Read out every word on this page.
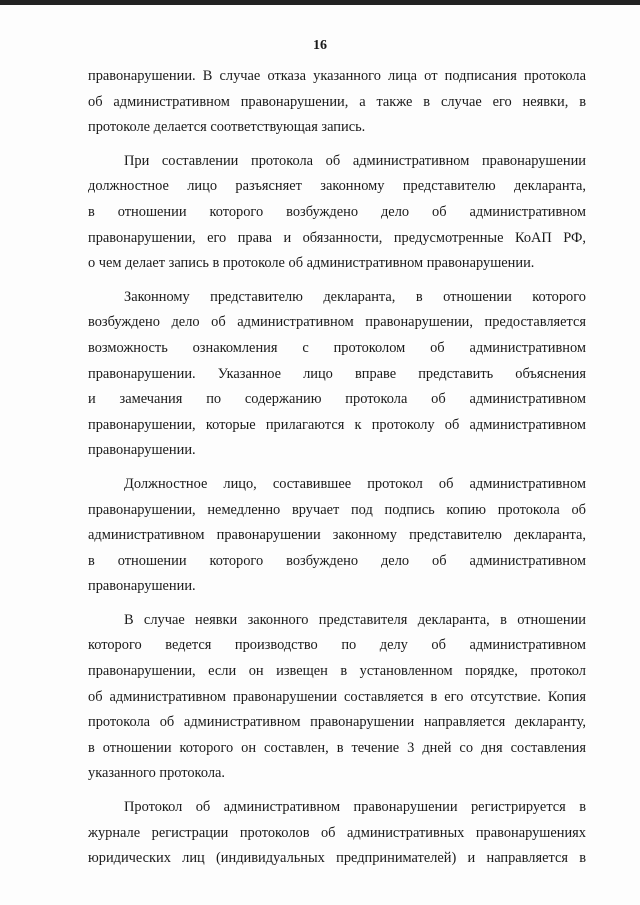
16
правонарушении. В случае отказа указанного лица от подписания протокола
об административном правонарушении, а также в случае его неявки, в
протоколе делается соответствующая запись.
При составлении протокола об административном правонарушении
должностное лицо разъясняет законному представителю декларанта,
в отношении которого возбуждено дело об административном
правонарушении, его права и обязанности, предусмотренные КоАП РФ,
о чем делает запись в протоколе об административном правонарушении.
Законному представителю декларанта, в отношении которого
возбуждено дело об административном правонарушении, предоставляется
возможность ознакомления с протоколом об административном
правонарушении. Указанное лицо вправе представить объяснения
и замечания по содержанию протокола об административном
правонарушении, которые прилагаются к протоколу об административном
правонарушении.
Должностное лицо, составившее протокол об административном
правонарушении, немедленно вручает под подпись копию протокола об
административном правонарушении законному представителю декларанта,
в отношении которого возбуждено дело об административном
правонарушении.
В случае неявки законного представителя декларанта, в отношении
которого ведется производство по делу об административном
правонарушении, если он извещен в установленном порядке, протокол
об административном правонарушении составляется в его отсутствие. Копия
протокола об административном правонарушении направляется декларанту,
в отношении которого он составлен, в течение 3 дней со дня составления
указанного протокола.
Протокол об административном правонарушении регистрируется в
журнале регистрации протоколов об административных правонарушениях
юридических лиц (индивидуальных предпринимателей) и направляется в
